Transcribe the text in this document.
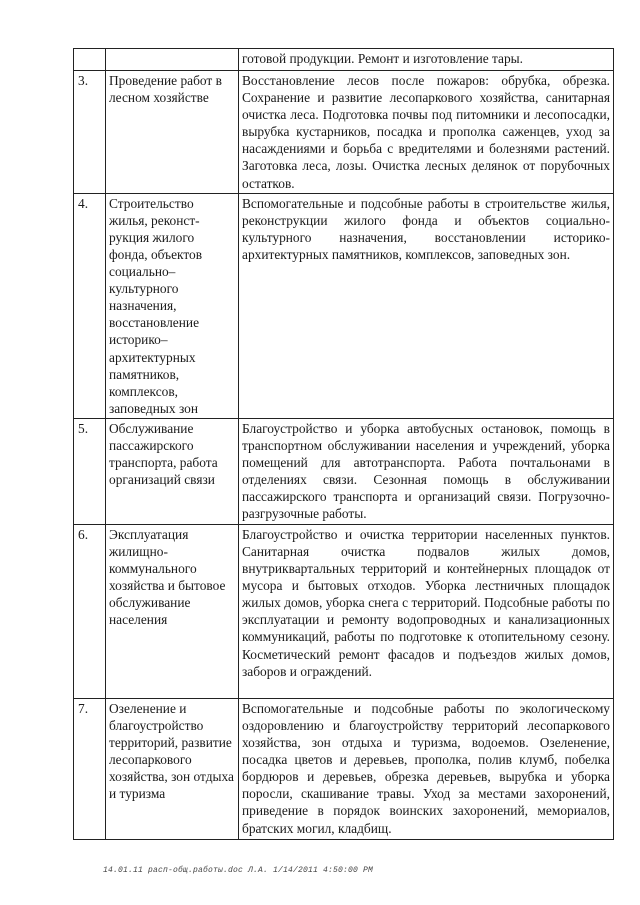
		готовой продукции. Ремонт и изготовление тары.
3.	Проведение работ в лесном хозяйстве	Восстановление лесов после пожаров: обрубка, обрезка. Сохранение и развитие лесопаркового хозяйства, санитарная очистка леса. Подготовка почвы под питомники и лесопосадки, вырубка кустарников, посадка и прополка саженцев, уход за насаждениями и борьба с вредителями и болезнями растений. Заготовка леса, лозы. Очистка лесных делянок от порубочных остатков.
4.	Строительство жилья, реконст-рукция жилого фонда, объектов социально–культурного назначения, восстановление историко–архитектурных памятников, комплексов, заповедных зон	Вспомогательные и подсобные работы в строительстве жилья, реконструкции жилого фонда и объектов социально-культурного назначения, восстановлении историко-архитектурных памятников, комплексов, заповедных зон.
5.	Обслуживание пассажирского транспорта, работа организаций связи	Благоустройство и уборка автобусных остановок, помощь в транспортном обслуживании населения и учреждений, уборка помещений для автотранспорта. Работа почтальонами в отделениях связи. Сезонная помощь в обслуживании пассажирского транспорта и организаций связи. Погрузочно-разгрузочные работы.
6.	Эксплуатация жилищно-коммунального хозяйства и бытовое обслуживание населения	Благоустройство и очистка территории населенных пунктов. Санитарная очистка подвалов жилых домов, внутриквартальных территорий и контейнерных площадок от мусора и бытовых отходов. Уборка лестничных площадок жилых домов, уборка снега с территорий. Подсобные работы по эксплуатации и ремонту водопроводных и канализационных коммуникаций, работы по подготовке к отопительному сезону. Косметический ремонт фасадов и подъездов жилых домов, заборов и ограждений.
7.	Озеленение и благоустройство территорий, развитие лесопаркового хозяйства, зон отдыха и туризма	Вспомогательные и подсобные работы по экологическому оздоровлению и благоустройству территорий лесопаркового хозяйства, зон отдыха и туризма, водоемов. Озеленение, посадка цветов и деревьев, прополка, полив клумб, побелка бордюров и деревьев, обрезка деревьев, вырубка и уборка поросли, скашивание травы. Уход за местами захоронений, приведение в порядок воинских захоронений, мемориалов, братских могил, кладбищ.
14.01.11 расп-общ.работы.doc Л.А. 1/14/2011 4:50:00 PM
